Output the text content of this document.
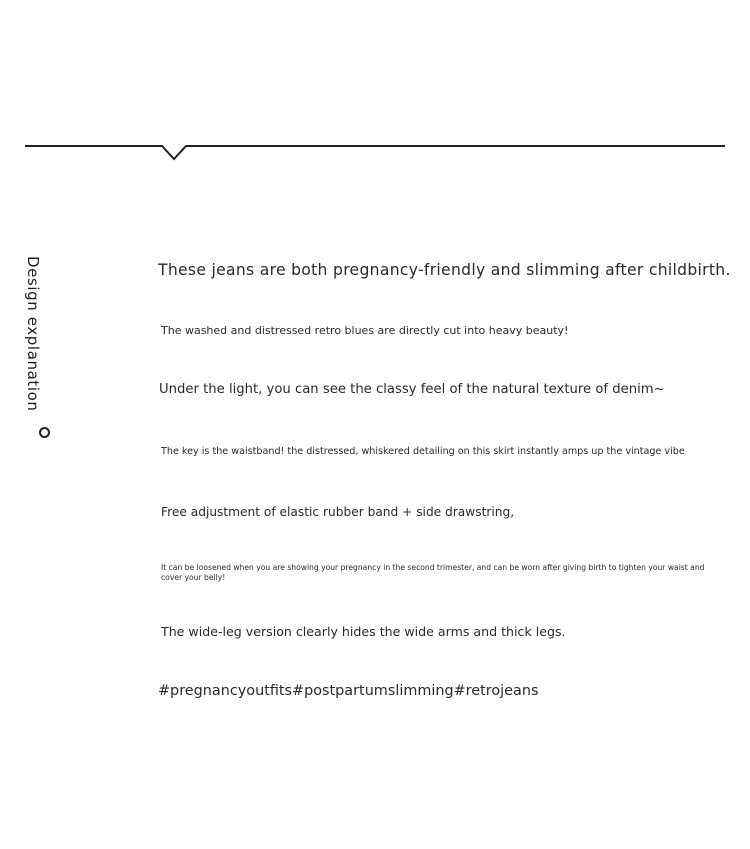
Design explanation	These jeans are both pregnancy-friendly and slimming after childbirth.
The washed and distressed retro blues are directly cut into heavy beauty!
Under the light, you can see the classy feel of the natural texture of denim~
The key is the waistband! the distressed, whiskered detailing on this skirt instantly amps up the vintage vibe
Free adjustment of elastic rubber band + side drawstring,
It can be loosened when you are showing your pregnancy in the second trimester, and can be worn after giving birth to tighten your waist and cover your belly!
The wide-leg version clearly hides the wide arms and thick legs.
#pregnancyoutfits#postpartumslimming#retrojeans
